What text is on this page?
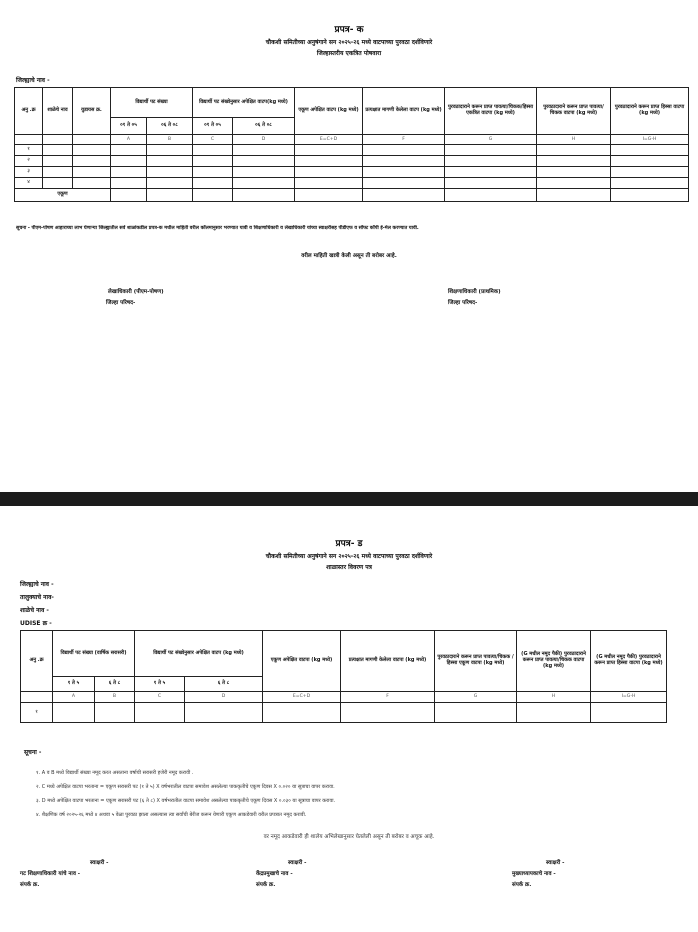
प्रपत्र- क
चौकशी समितीच्या अनुषंगाने सन २०२५-२६ मध्ये वाटपाच्या पुरवठा दर्शविणारे
जिल्हास्तरीय एकत्रित पोषवारा
जिल्ह्याचे नाव -
अनु .क्र	शाळेचे नाव	युडायस क्र.	विद्यार्थी पट संख्या		विद्यार्थी पट संख्येनुसार अपेक्षित वाटप(kg मध्ये)		एकूण अपेक्षित वाटप (kg मध्ये)	प्रत्यक्षात मागणी केलेला वाटप (kg मध्ये)	पुरवठादाराने करून प्राप्त पावत्या/चिकक/हिस्सा एकत्रित वाटपा (kg मध्ये)	पुरवठादाराने करून प्राप्त पावत्या/चिकक वाटपा (kg मध्ये)	पुरवठादाराने करून प्राप्त हिस्सा वाटपा (kg मध्ये)
			०१ ते ०५	०६ ते ०८	०१ ते ०५	०६ ते ०८					
			A	B	C	D	E=C+D	F	G	H	I=G-H
१											
२											
३											
४											
एकूण											
सूचना - पीएम-पोषण आहाराच्या लाभ घेणाऱ्या जिल्ह्यातील सर्व शाळांकडील प्रपत्र-क मधील माहिती वरील कॉलमानुसार भरण्यात यावी व शिक्षणाधिकारी व लेखाधिकारी यांच्या स्वाक्षरीसह पीडीएफ व सॉफ्ट कॉपी ई-मेल करण्यात यावी.
वरील माहिती खात्री केली असून ती बरोबर आहे.
लेखाधिकारी (पीएम-पोषण)
जिल्हा परिषद-
शिक्षणाधिकारी (प्राथमिक)
जिल्हा परिषद-
प्रपत्र- ड
चौकशी समितीच्या अनुषंगाने सन २०२५-२६ मध्ये वाटपाच्या पुरवठा दर्शविणारे
शाळास्तर विवरण पत्र
जिल्ह्याचे नाव -
तालुक्याचे नाव-
शाळेचे नाव -
UDISE क्र -
अनु .क्र	विद्यार्थी पट संख्या (वार्षिक सरासरी)		विद्यार्थी पट संख्येनुसार अपेक्षित वाटप (kg मध्ये)		एकूण अपेक्षित वाटपा (kg मध्ये)	प्रत्यक्षात मागणी केलेला वाटपा (kg मध्ये)	पुरवठादाराने करून प्राप्त पावत्या/चिकक /हिस्सा एकूण वाटपा (kg मध्ये)	(G मधील नमूद पैकी) पुरवठादाराने करून प्राप्त पावत्या/चिकक वाटपा (kg मध्ये)	(G मधील नमूद पैकी) पुरवठादाराने करून प्राप्त हिस्सा वाटपा (kg मध्ये)
	१ ते ५	६ ते ८	१ ते ५	६ ते ८					
	A	B	C	D	E=C+D	F	G	H	I=G-H
१									
सूचना -
१. A व B मध्ये विद्यार्थी संख्या नमूद करत असताना वर्षाची सरासरी हजेरी नमूद करावी .
२. C मध्ये अपेक्षित वाटपा भरताना = एकूण सरासरी पट (१ ते ५) X वर्षभरातील वाटपा समावेश असलेल्या पाककृतीचे एकूण दिवस X ०.०२० या सूत्राचा वापर करावा.
३. D मध्ये अपेक्षित वाटपा भरताना = एकूण सरासरी पट (६ ते ८) X वर्षभरातील वाटपा समावेश असलेल्या पाककृतीचे एकूण दिवस X ०.०३० या सूत्राचा वापर करावा.
४. शैक्षणिक वर्ष २०२५-२६ मध्ये ४ अथवा ५ वेळा पुरवठा झाला असल्यास त्या सर्वांची बेरीज करून येणारी एकूण आकडेवारी वरील प्रपत्रात नमूद करावी.
वर नमूद आकडेवारी ही शालेय अभिलेखानुसार घेतलेली असून ती बरोबर व अचूक आहे.
स्वाक्षरी -
गट शिक्षणाधिकारी यांचे नाव -
संपर्क क्र.
स्वाक्षरी -
केंद्रप्रमुखाचे नाव -
संपर्क क्र.
स्वाक्षरी -
मुख्याध्यापकाचे नाव -
संपर्क क्र.
